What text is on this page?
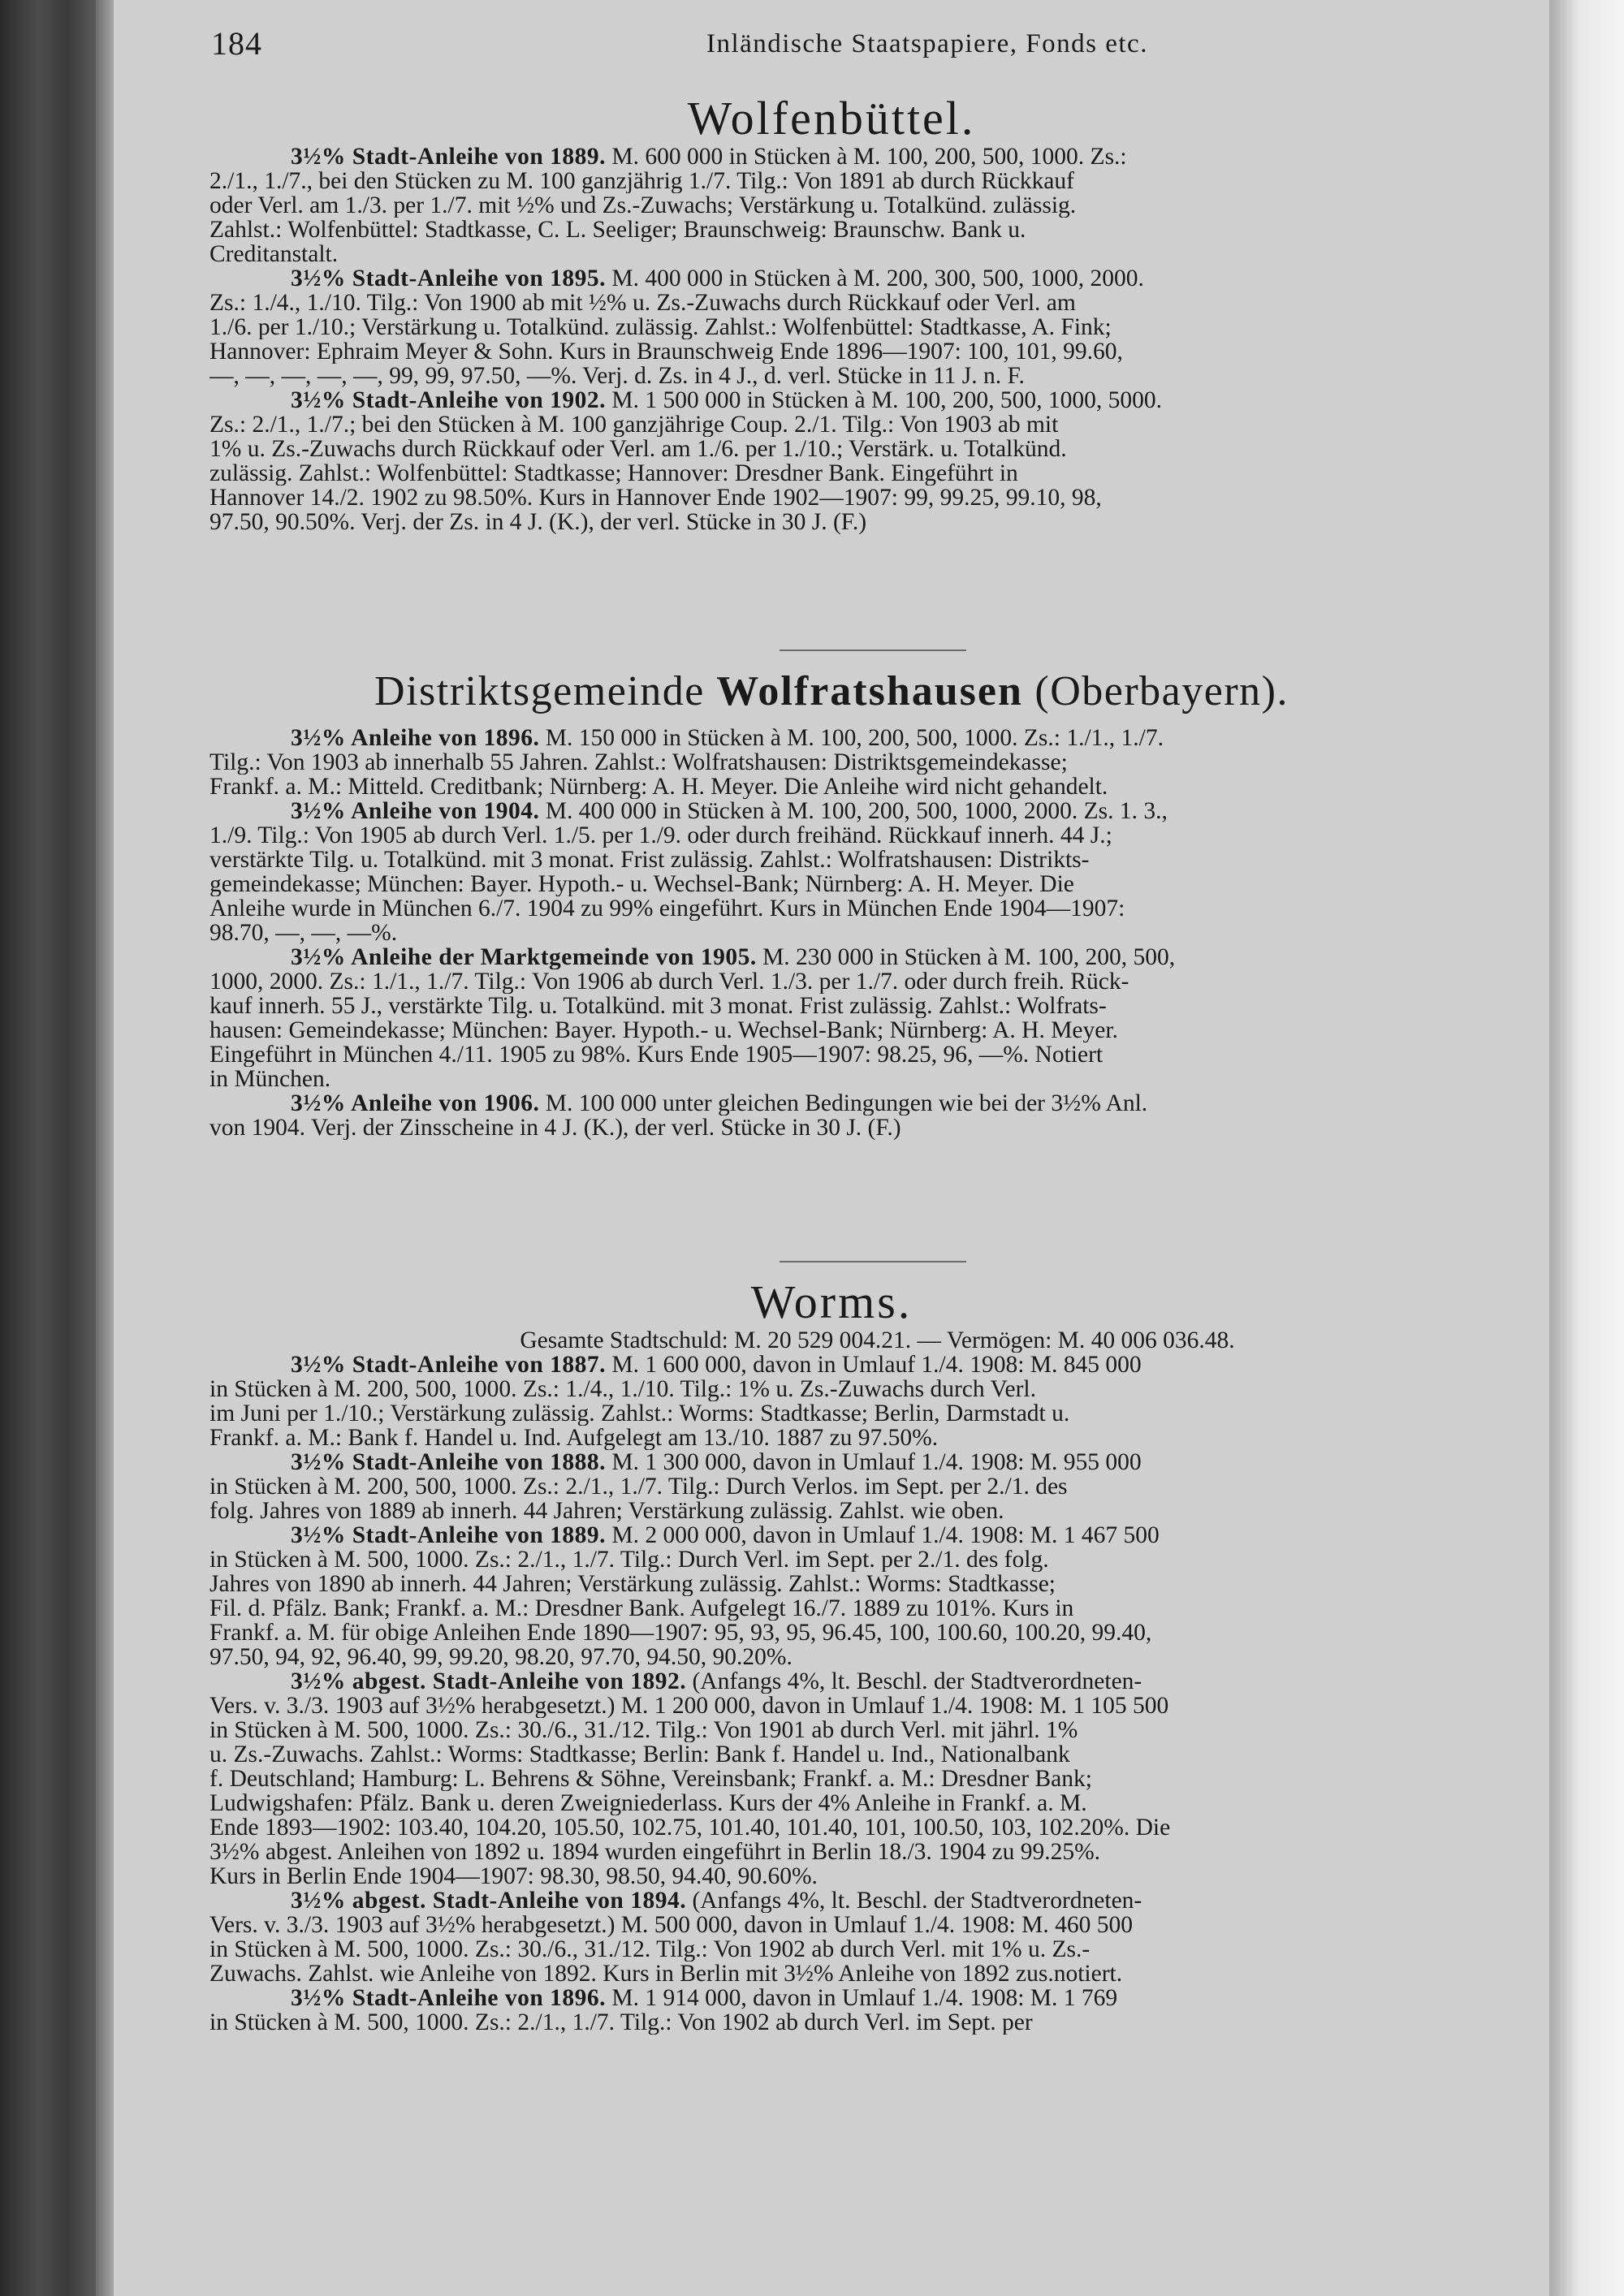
184	Inländische Staatspapiere, Fonds etc.
Wolfenbüttel.
3½% Stadt-Anleihe von 1889. M. 600 000 in Stücken à M. 100, 200, 500, 1000. Zs.:
2./1., 1./7., bei den Stücken zu M. 100 ganzjährig 1./7. Tilg.: Von 1891 ab durch Rückkauf
oder Verl. am 1./3. per 1./7. mit ½% und Zs.-Zuwachs; Verstärkung u. Totalkünd. zulässig.
Zahlst.: Wolfenbüttel: Stadtkasse, C. L. Seeliger; Braunschweig: Braunschw. Bank u.
Creditanstalt.
3½% Stadt-Anleihe von 1895. M. 400 000 in Stücken à M. 200, 300, 500, 1000, 2000.
Zs.: 1./4., 1./10. Tilg.: Von 1900 ab mit ½% u. Zs.-Zuwachs durch Rückkauf oder Verl. am
1./6. per 1./10.; Verstärkung u. Totalkünd. zulässig. Zahlst.: Wolfenbüttel: Stadtkasse, A. Fink;
Hannover: Ephraim Meyer & Sohn. Kurs in Braunschweig Ende 1896—1907: 100, 101, 99.60,
—, —, —, —, —, 99, 99, 97.50, —%. Verj. d. Zs. in 4 J., d. verl. Stücke in 11 J. n. F.
3½% Stadt-Anleihe von 1902. M. 1 500 000 in Stücken à M. 100, 200, 500, 1000, 5000.
Zs.: 2./1., 1./7.; bei den Stücken à M. 100 ganzjährige Coup. 2./1. Tilg.: Von 1903 ab mit
1% u. Zs.-Zuwachs durch Rückkauf oder Verl. am 1./6. per 1./10.; Verstärk. u. Totalkünd.
zulässig. Zahlst.: Wolfenbüttel: Stadtkasse; Hannover: Dresdner Bank. Eingeführt in
Hannover 14./2. 1902 zu 98.50%. Kurs in Hannover Ende 1902—1907: 99, 99.25, 99.10, 98,
97.50, 90.50%. Verj. der Zs. in 4 J. (K.), der verl. Stücke in 30 J. (F.)
Distriktsgemeinde Wolfratshausen (Oberbayern).
3½% Anleihe von 1896. M. 150 000 in Stücken à M. 100, 200, 500, 1000. Zs.: 1./1., 1./7.
Tilg.: Von 1903 ab innerhalb 55 Jahren. Zahlst.: Wolfratshausen: Distriktsgemeindekasse;
Frankf. a. M.: Mitteld. Creditbank; Nürnberg: A. H. Meyer. Die Anleihe wird nicht gehandelt.
3½% Anleihe von 1904. M. 400 000 in Stücken à M. 100, 200, 500, 1000, 2000. Zs. 1. 3.,
1./9. Tilg.: Von 1905 ab durch Verl. 1./5. per 1./9. oder durch freihänd. Rückkauf innerh. 44 J.;
verstärkte Tilg. u. Totalkünd. mit 3 monat. Frist zulässig. Zahlst.: Wolfratshausen: Distrikts-
gemeindekasse; München: Bayer. Hypoth.- u. Wechsel-Bank; Nürnberg: A. H. Meyer. Die
Anleihe wurde in München 6./7. 1904 zu 99% eingeführt. Kurs in München Ende 1904—1907:
98.70, —, —, —%.
3½% Anleihe der Marktgemeinde von 1905. M. 230 000 in Stücken à M. 100, 200, 500,
1000, 2000. Zs.: 1./1., 1./7. Tilg.: Von 1906 ab durch Verl. 1./3. per 1./7. oder durch freih. Rück-
kauf innerh. 55 J., verstärkte Tilg. u. Totalkünd. mit 3 monat. Frist zulässig. Zahlst.: Wolfrats-
hausen: Gemeindekasse; München: Bayer. Hypoth.- u. Wechsel-Bank; Nürnberg: A. H. Meyer.
Eingeführt in München 4./11. 1905 zu 98%. Kurs Ende 1905—1907: 98.25, 96, —%. Notiert
in München.
3½% Anleihe von 1906. M. 100 000 unter gleichen Bedingungen wie bei der 3½% Anl.
von 1904. Verj. der Zinsscheine in 4 J. (K.), der verl. Stücke in 30 J. (F.)
Worms.
Gesamte Stadtschuld: M. 20 529 004.21. — Vermögen: M. 40 006 036.48.
3½% Stadt-Anleihe von 1887. M. 1 600 000, davon in Umlauf 1./4. 1908: M. 845 000
in Stücken à M. 200, 500, 1000. Zs.: 1./4., 1./10. Tilg.: 1% u. Zs.-Zuwachs durch Verl.
im Juni per 1./10.; Verstärkung zulässig. Zahlst.: Worms: Stadtkasse; Berlin, Darmstadt u.
Frankf. a. M.: Bank f. Handel u. Ind. Aufgelegt am 13./10. 1887 zu 97.50%.
3½% Stadt-Anleihe von 1888. M. 1 300 000, davon in Umlauf 1./4. 1908: M. 955 000
in Stücken à M. 200, 500, 1000. Zs.: 2./1., 1./7. Tilg.: Durch Verlos. im Sept. per 2./1. des
folg. Jahres von 1889 ab innerh. 44 Jahren; Verstärkung zulässig. Zahlst. wie oben.
3½% Stadt-Anleihe von 1889. M. 2 000 000, davon in Umlauf 1./4. 1908: M. 1 467 500
in Stücken à M. 500, 1000. Zs.: 2./1., 1./7. Tilg.: Durch Verl. im Sept. per 2./1. des folg.
Jahres von 1890 ab innerh. 44 Jahren; Verstärkung zulässig. Zahlst.: Worms: Stadtkasse;
Fil. d. Pfälz. Bank; Frankf. a. M.: Dresdner Bank. Aufgelegt 16./7. 1889 zu 101%. Kurs in
Frankf. a. M. für obige Anleihen Ende 1890—1907: 95, 93, 95, 96.45, 100, 100.60, 100.20, 99.40,
97.50, 94, 92, 96.40, 99, 99.20, 98.20, 97.70, 94.50, 90.20%.
3½% abgest. Stadt-Anleihe von 1892. (Anfangs 4%, lt. Beschl. der Stadtverordneten-
Vers. v. 3./3. 1903 auf 3½% herabgesetzt.) M. 1 200 000, davon in Umlauf 1./4. 1908: M. 1 105 500
in Stücken à M. 500, 1000. Zs.: 30./6., 31./12. Tilg.: Von 1901 ab durch Verl. mit jährl. 1%
u. Zs.-Zuwachs. Zahlst.: Worms: Stadtkasse; Berlin: Bank f. Handel u. Ind., Nationalbank
f. Deutschland; Hamburg: L. Behrens & Söhne, Vereinsbank; Frankf. a. M.: Dresdner Bank;
Ludwigshafen: Pfälz. Bank u. deren Zweigniederlass. Kurs der 4% Anleihe in Frankf. a. M.
Ende 1893—1902: 103.40, 104.20, 105.50, 102.75, 101.40, 101.40, 101, 100.50, 103, 102.20%. Die
3½% abgest. Anleihen von 1892 u. 1894 wurden eingeführt in Berlin 18./3. 1904 zu 99.25%.
Kurs in Berlin Ende 1904—1907: 98.30, 98.50, 94.40, 90.60%.
3½% abgest. Stadt-Anleihe von 1894. (Anfangs 4%, lt. Beschl. der Stadtverordneten-
Vers. v. 3./3. 1903 auf 3½% herabgesetzt.) M. 500 000, davon in Umlauf 1./4. 1908: M. 460 500
in Stücken à M. 500, 1000. Zs.: 30./6., 31./12. Tilg.: Von 1902 ab durch Verl. mit 1% u. Zs.-
Zuwachs. Zahlst. wie Anleihe von 1892. Kurs in Berlin mit 3½% Anleihe von 1892 zus.notiert.
3½% Stadt-Anleihe von 1896. M. 1 914 000, davon in Umlauf 1./4. 1908: M. 1 769
in Stücken à M. 500, 1000. Zs.: 2./1., 1./7. Tilg.: Von 1902 ab durch Verl. im Sept. per
